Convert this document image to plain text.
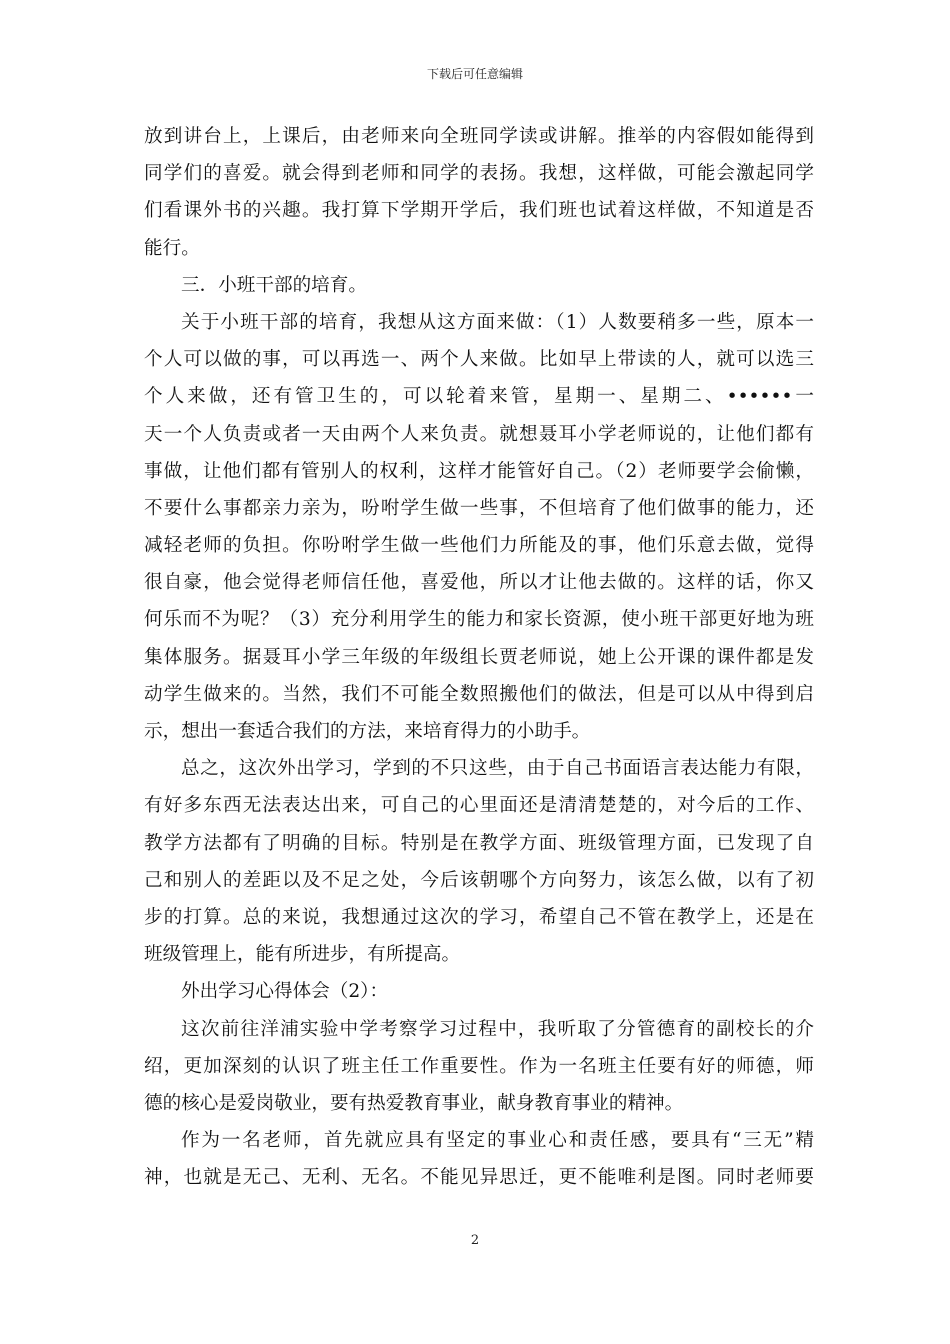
下载后可任意编辑
放到讲台上，上课后，由老师来向全班同学读或讲解。推举的内容假如能得到
同学们的喜爱。就会得到老师和同学的表扬。我想，这样做，可能会激起同学
们看课外书的兴趣。我打算下学期开学后，我们班也试着这样做，不知道是否
能行。
三．小班干部的培育。
关于小班干部的培育，我想从这方面来做：（1）人数要稍多一些，原本一
个人可以做的事，可以再选一、两个人来做。比如早上带读的人，就可以选三
个人来做，还有管卫生的，可以轮着来管，星期一、星期二、••••••一
天一个人负责或者一天由两个人来负责。就想聂耳小学老师说的，让他们都有
事做，让他们都有管别人的权利，这样才能管好自己。（2）老师要学会偷懒，
不要什么事都亲力亲为，吩咐学生做一些事，不但培育了他们做事的能力，还
减轻老师的负担。你吩咐学生做一些他们力所能及的事，他们乐意去做，觉得
很自豪，他会觉得老师信任他，喜爱他，所以才让他去做的。这样的话，你又
何乐而不为呢？（3）充分利用学生的能力和家长资源，使小班干部更好地为班
集体服务。据聂耳小学三年级的年级组长贾老师说，她上公开课的课件都是发
动学生做来的。当然，我们不可能全数照搬他们的做法，但是可以从中得到启
示，想出一套适合我们的方法，来培育得力的小助手。
总之，这次外出学习，学到的不只这些，由于自己书面语言表达能力有限，
有好多东西无法表达出来，可自己的心里面还是清清楚楚的，对今后的工作、
教学方法都有了明确的目标。特别是在教学方面、班级管理方面，已发现了自
己和别人的差距以及不足之处，今后该朝哪个方向努力，该怎么做，以有了初
步的打算。总的来说，我想通过这次的学习，希望自己不管在教学上，还是在
班级管理上，能有所进步，有所提高。
外出学习心得体会（2）：
这次前往洋浦实验中学考察学习过程中，我听取了分管德育的副校长的介
绍，更加深刻的认识了班主任工作重要性。作为一名班主任要有好的师德，师
德的核心是爱岗敬业，要有热爱教育事业，献身教育事业的精神。
作为一名老师，首先就应具有坚定的事业心和责任感，要具有“三无”精
神，也就是无己、无利、无名。不能见异思迁，更不能唯利是图。同时老师要
2
